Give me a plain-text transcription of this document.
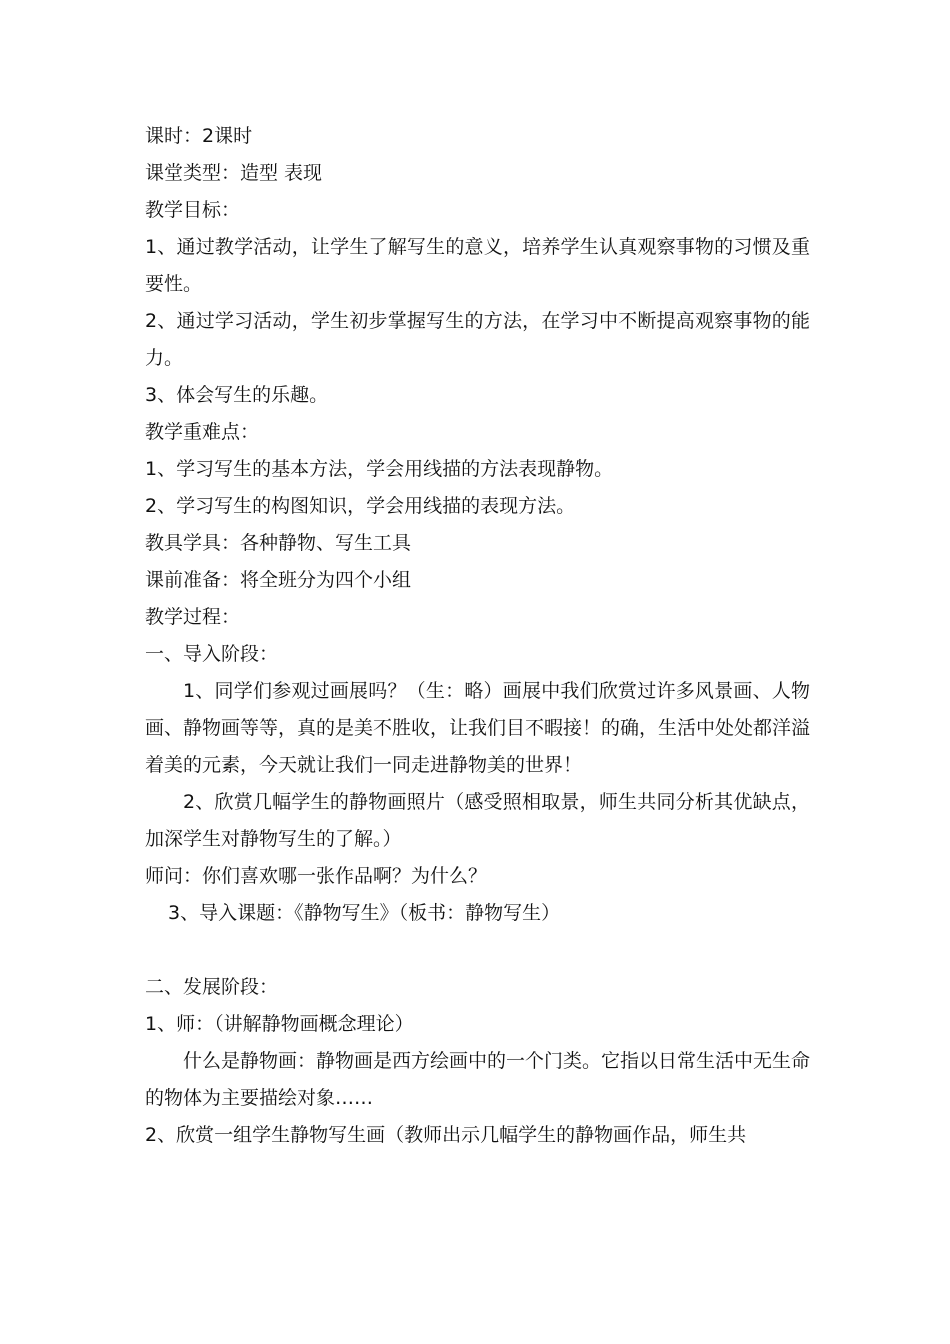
课时：2课时

课堂类型：造型 表现

教学目标：

1、通过教学活动，让学生了解写生的意义，培养学生认真观察事物的习惯及重要性。

2、通过学习活动，学生初步掌握写生的方法，在学习中不断提高观察事物的能力。

3、体会写生的乐趣。

教学重难点：

1、学习写生的基本方法，学会用线描的方法表现静物。

2、学习写生的构图知识，学会用线描的表现方法。

教具学具：各种静物、写生工具

课前准备：将全班分为四个小组

教学过程：

一、导入阶段：

1、同学们参观过画展吗？（生：略）画展中我们欣赏过许多风景画、人物画、静物画等等，真的是美不胜收，让我们目不暇接！的确，生活中处处都洋溢着美的元素，今天就让我们一同走进静物美的世界！

2、欣赏几幅学生的静物画照片（感受照相取景，师生共同分析其优缺点，加深学生对静物写生的了解。）

师问：你们喜欢哪一张作品啊？为什么？

3、导入课题：《静物写生》（板书：静物写生）

二、发展阶段：

1、师：（讲解静物画概念理论）

什么是静物画：静物画是西方绘画中的一个门类。它指以日常生活中无生命的物体为主要描绘对象……

2、欣赏一组学生静物写生画（教师出示几幅学生的静物画作品，师生共
